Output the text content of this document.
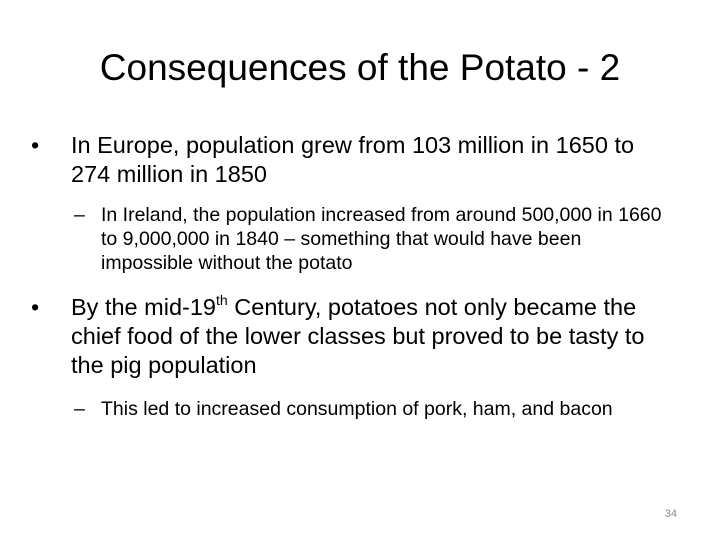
Consequences of the Potato - 2
•	In Europe, population grew from 103 million in 1650 to 274 million in 1850
– In Ireland, the population increased from around 500,000 in 1660 to 9,000,000 in 1840 – something that would have been impossible without the potato
•	By the mid-19th Century, potatoes not only became the chief food of the lower classes but proved to be tasty to the pig population
– This led to increased consumption of pork, ham, and bacon
34
